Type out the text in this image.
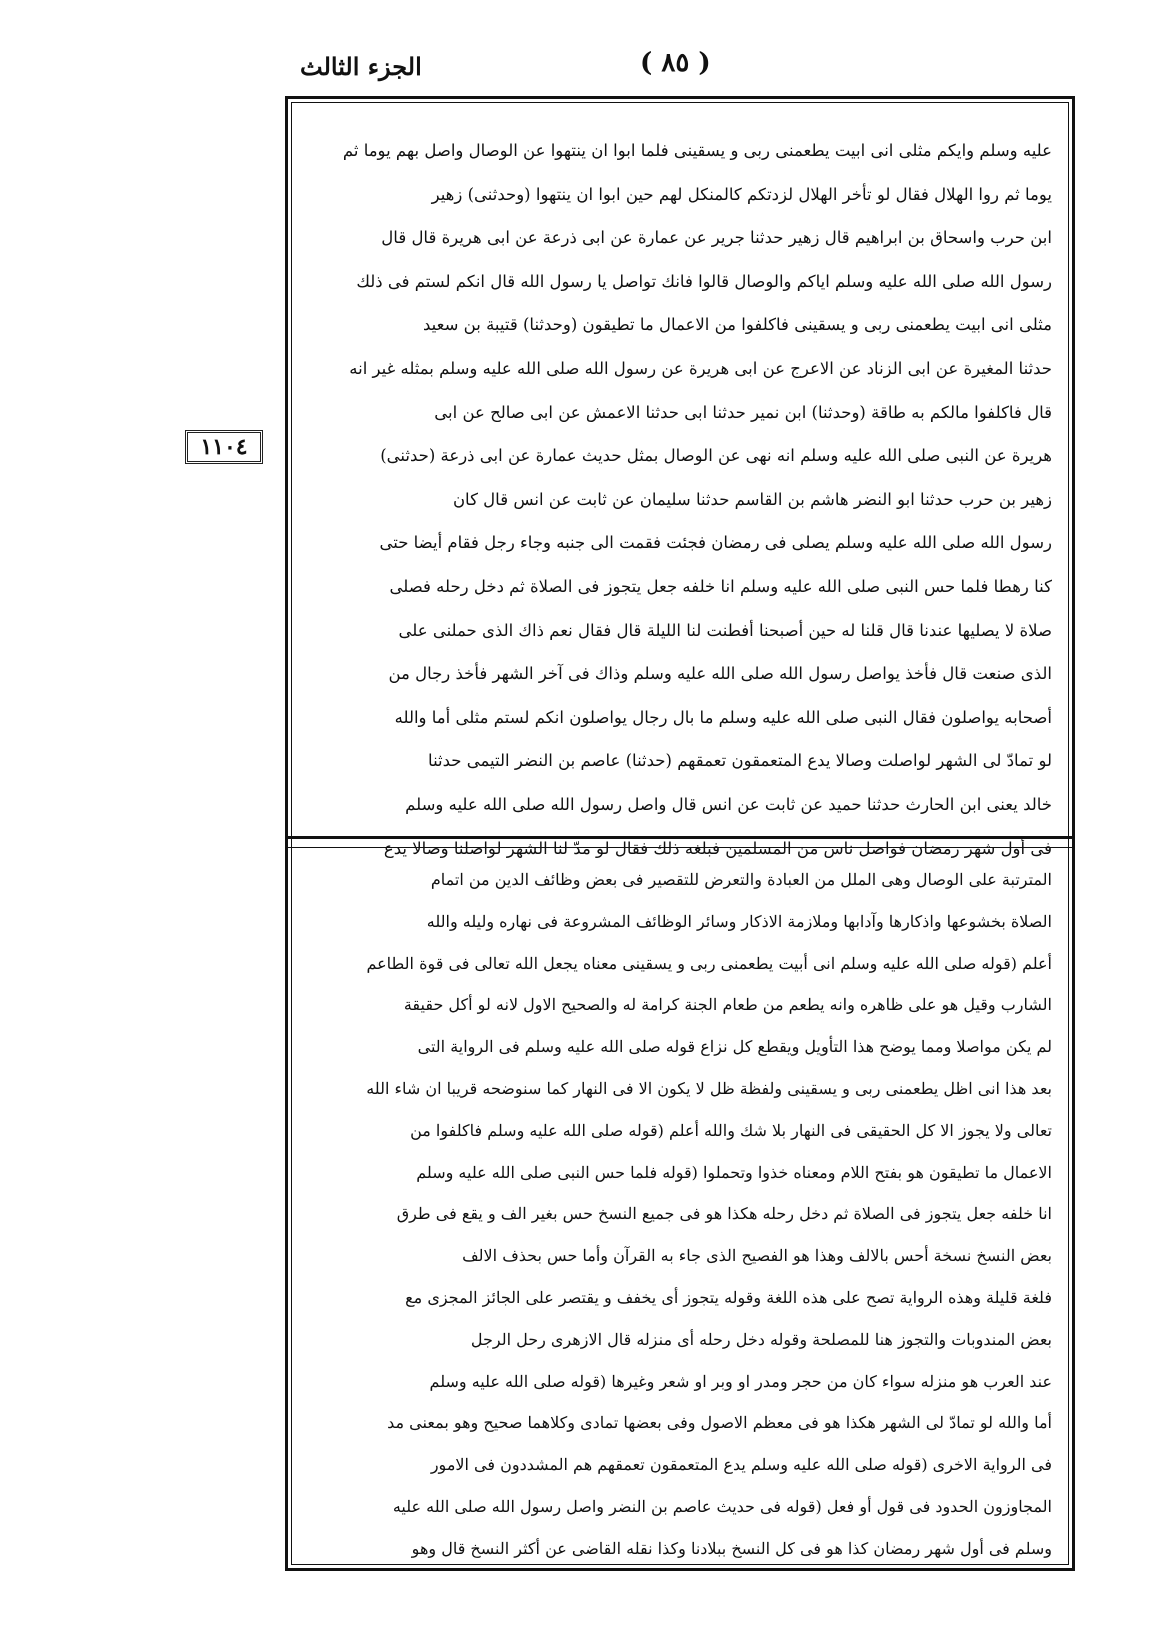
الجزء الثالث	( ٨٥ )
١١٠٤
عليه وسلم وايكم مثلى انى ابيت يطعمنى ربى و يسقينى فلما ابوا ان ينتهوا عن الوصال واصل بهم يوما ثم
يوما ثم روا الهلال فقال لو تأخر الهلال لزدتكم كالمنكل لهم حين ابوا ان ينتهوا (وحدثنى) زهير
ابن حرب واسحاق بن ابراهيم قال زهير حدثنا جرير عن عمارة عن ابى ذرعة عن ابى هريرة قال قال
رسول الله صلى الله عليه وسلم اياكم والوصال قالوا فانك تواصل يا رسول الله قال انكم لستم فى ذلك
مثلى انى ابيت يطعمنى ربى و يسقينى فاكلفوا من الاعمال ما تطيقون (وحدثنا) قتيبة بن سعيد
حدثنا المغيرة عن ابى الزناد عن الاعرج عن ابى هريرة عن رسول الله صلى الله عليه وسلم بمثله غير انه
قال فاكلفوا مالكم به طاقة (وحدثنا) ابن نمير حدثنا ابى حدثنا الاعمش عن ابى صالح عن ابى
هريرة عن النبى صلى الله عليه وسلم انه نهى عن الوصال بمثل حديث عمارة عن ابى ذرعة (حدثنى)
زهير بن حرب حدثنا ابو النضر هاشم بن القاسم حدثنا سليمان عن ثابت عن انس قال كان
رسول الله صلى الله عليه وسلم يصلى فى رمضان فجئت فقمت الى جنبه وجاء رجل فقام أيضا حتى
كنا رهطا فلما حس النبى صلى الله عليه وسلم انا خلفه جعل يتجوز فى الصلاة ثم دخل رحله فصلى
صلاة لا يصليها عندنا قال قلنا له حين أصبحنا أفطنت لنا الليلة قال فقال نعم ذاك الذى حملنى على
الذى صنعت قال فأخذ يواصل رسول الله صلى الله عليه وسلم وذاك فى آخر الشهر فأخذ رجال من
أصحابه يواصلون فقال النبى صلى الله عليه وسلم ما بال رجال يواصلون انكم لستم مثلى أما والله
لو تمادّ لى الشهر لواصلت وصالا يدع المتعمقون تعمقهم (حدثنا) عاصم بن النضر التيمى حدثنا
خالد يعنى ابن الحارث حدثنا حميد عن ثابت عن انس قال واصل رسول الله صلى الله عليه وسلم
فى أول شهر رمضان فواصل ناس من المسلمين فبلغه ذلك فقال لو مدّ لنا الشهر لواصلنا وصالا يدع
المترتبة على الوصال وهى الملل من العبادة والتعرض للتقصير فى بعض وظائف الدين من اتمام
الصلاة بخشوعها واذكارها وآدابها وملازمة الاذكار وسائر الوظائف المشروعة فى نهاره وليله والله
أعلم (قوله صلى الله عليه وسلم انى أبيت يطعمنى ربى و يسقينى معناه يجعل الله تعالى فى قوة الطاعم
الشارب وقيل هو على ظاهره وانه يطعم من طعام الجنة كرامة له والصحيح الاول لانه لو أكل حقيقة
لم يكن مواصلا ومما يوضح هذا التأويل ويقطع كل نزاع قوله صلى الله عليه وسلم فى الرواية التى
بعد هذا انى اظل يطعمنى ربى و يسقينى ولفظة ظل لا يكون الا فى النهار كما سنوضحه قريبا ان شاء الله
تعالى ولا يجوز الا كل الحقيقى فى النهار بلا شك والله أعلم (قوله صلى الله عليه وسلم فاكلفوا من
الاعمال ما تطيقون هو بفتح اللام ومعناه خذوا وتحملوا (قوله فلما حس النبى صلى الله عليه وسلم
انا خلفه جعل يتجوز فى الصلاة ثم دخل رحله هكذا هو فى جميع النسخ حس بغير الف و يقع فى طرق
بعض النسخ نسخة أحس بالالف وهذا هو الفصيح الذى جاء به القرآن وأما حس بحذف الالف
فلغة قليلة وهذه الرواية تصح على هذه اللغة وقوله يتجوز أى يخفف و يقتصر على الجائز المجزى مع
بعض المندوبات والتجوز هنا للمصلحة وقوله دخل رحله أى منزله قال الازهرى رحل الرجل
عند العرب هو منزله سواء كان من حجر ومدر او وبر او شعر وغيرها (قوله صلى الله عليه وسلم
أما والله لو تمادّ لى الشهر هكذا هو فى معظم الاصول وفى بعضها تمادى وكلاهما صحيح وهو بمعنى مد
فى الرواية الاخرى (قوله صلى الله عليه وسلم يدع المتعمقون تعمقهم هم المشددون فى الامور
المجاوزون الحدود فى قول أو فعل (قوله فى حديث عاصم بن النضر واصل رسول الله صلى الله عليه
وسلم فى أول شهر رمضان كذا هو فى كل النسخ ببلادنا وكذا نقله القاضى عن أكثر النسخ قال وهو
